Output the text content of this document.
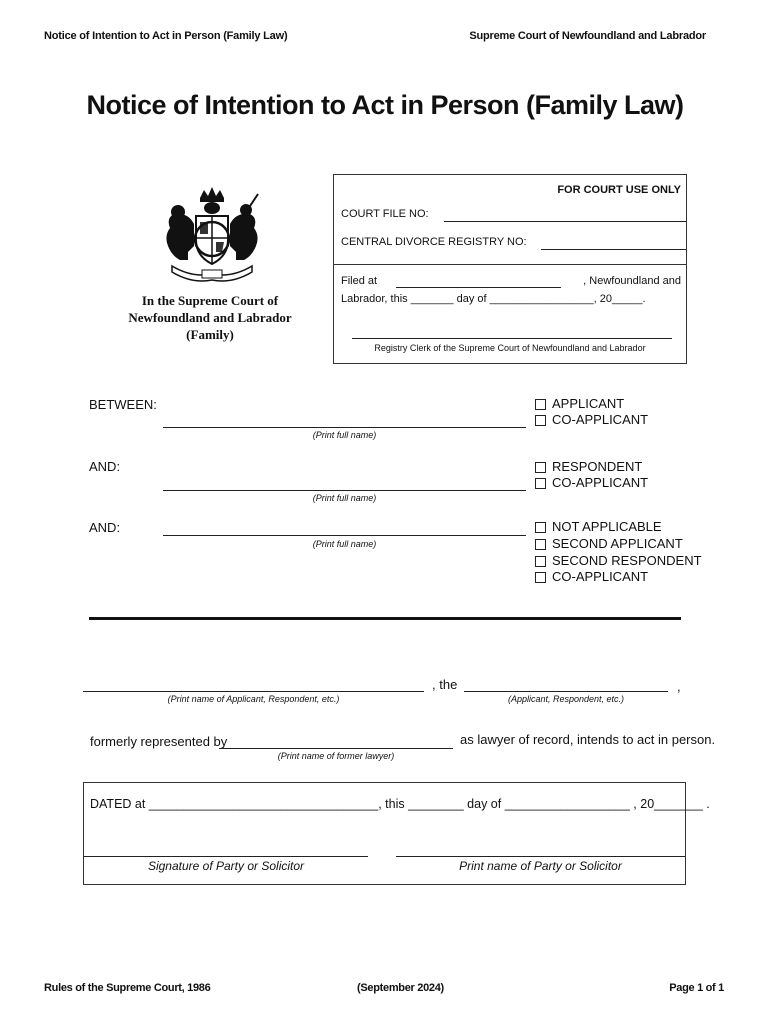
Notice of Intention to Act in Person (Family Law)	Supreme Court of Newfoundland and Labrador
Notice of Intention to Act in Person (Family Law)
In the Supreme Court of
Newfoundland and Labrador
(Family)
FOR COURT USE ONLY
COURT FILE NO:
CENTRAL DIVORCE REGISTRY NO:
Filed at	, Newfoundland and
Labrador, this _______ day of _________________, 20_____.
Registry Clerk of the Supreme Court of Newfoundland and Labrador
BETWEEN:
(Print full name)
APPLICANT
CO-APPLICANT
AND:
(Print full name)
RESPONDENT
CO-APPLICANT
AND:
(Print full name)
NOT APPLICABLE
SECOND APPLICANT
SECOND RESPONDENT
CO-APPLICANT
, the	,
(Print name of Applicant, Respondent, etc.)	(Applicant, Respondent, etc.)
formerly represented by	as lawyer of record, intends to act in person.
(Print name of former lawyer)
DATED at _________________________________, this ________ day of __________________ , 20_______ .
Signature of Party or Solicitor	Print name of Party or Solicitor
Rules of the Supreme Court, 1986	(September 2024)	Page 1 of 1
